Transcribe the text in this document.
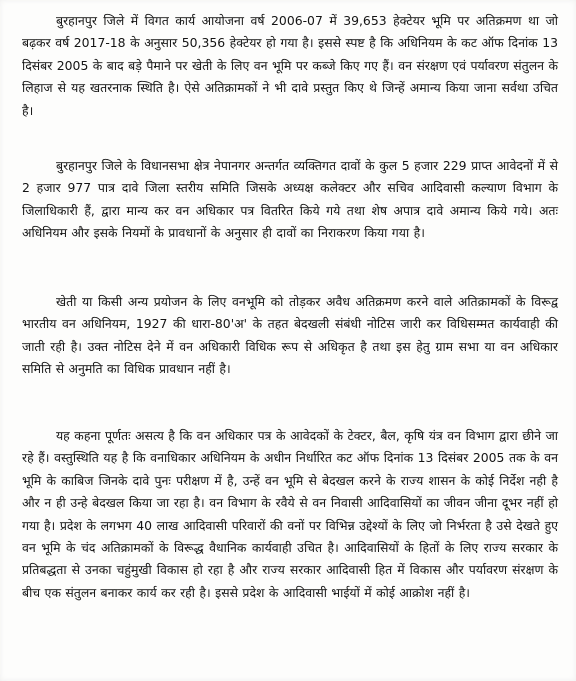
बुरहानपुर जिले में विगत कार्य आयोजना वर्ष 2006-07 में 39,653 हेक्टेयर भूमि पर अतिक्रमण था जो बढ़कर वर्ष 2017-18 के अनुसार 50,356 हेक्टेयर हो गया है। इससे स्पष्ट है कि अधिनियम के कट ऑफ दिनांक 13 दिसंबर 2005 के बाद बड़े पैमाने पर खेती के लिए वन भूमि पर कब्जे किए गए हैं। वन संरक्षण एवं पर्यावरण संतुलन के लिहाज से यह खतरनाक स्थिति है। ऐसे अतिक्रामकों ने भी दावे प्रस्तुत किए थे जिन्हें अमान्य किया जाना सर्वथा उचित है।

बुरहानपुर जिले के विधानसभा क्षेत्र नेपानगर अन्तर्गत व्यक्तिगत दावों के कुल 5 हजार 229 प्राप्त आवेदनों में से 2 हजार 977 पात्र दावे जिला स्तरीय समिति जिसके अध्यक्ष कलेक्टर और सचिव आदिवासी कल्याण विभाग के जिलाधिकारी हैं, द्वारा मान्य कर वन अधिकार पत्र वितरित किये गये तथा शेष अपात्र दावे अमान्य किये गये। अतः अधिनियम और इसके नियमों के प्रावधानों के अनुसार ही दावों का निराकरण किया गया है।

खेती या किसी अन्य प्रयोजन के लिए वनभूमि को तोड़कर अवैध अतिक्रमण करने वाले अतिक्रामकों के विरूद्व भारतीय वन अधिनियम, 1927 की धारा-80'अ' के तहत बेदखली संबंधी नोटिस जारी कर विधिसम्मत कार्यवाही की जाती रही है। उक्त नोटिस देने में वन अधिकारी विधिक रूप से अधिकृत है तथा इस हेतु ग्राम सभा या वन अधिकार समिति से अनुमति का विधिक प्रावधान नहीं है।

यह कहना पूर्णतः असत्य है कि वन अधिकार पत्र के आवेदकों के टेक्टर, बैल, कृषि यंत्र वन विभाग द्वारा छीने जा रहे हैं। वस्तुस्थिति यह है कि वनाधिकार अधिनियम के अधीन निर्धारित कट ऑफ दिनांक 13 दिसंबर 2005 तक के वन भूमि के काबिज जिनके दावे पुनः परीक्षण में है, उन्हें वन भूमि से बेदखल करने के राज्य शासन के कोई निर्देश नही है और न ही उन्हे बेदखल किया जा रहा है। वन विभाग के रवैये से वन निवासी आदिवासियों का जीवन जीना दूभर नहीं हो गया है। प्रदेश के लगभग 40 लाख आदिवासी परिवारों की वनों पर विभिन्न उद्देश्यों के लिए जो निर्भरता है उसे देखते हुए वन भूमि के चंद अतिक्रामकों के विरूद्ध वैधानिक कार्यवाही उचित है। आदिवासियों के हितों के लिए राज्य सरकार के प्रतिबद्धता से उनका चहुंमुखी विकास हो रहा है और राज्य सरकार आदिवासी हित में विकास और पर्यावरण संरक्षण के बीच एक संतुलन बनाकर कार्य कर रही है। इससे प्रदेश के आदिवासी भाईयों में कोई आक्रोश नहीं है।
